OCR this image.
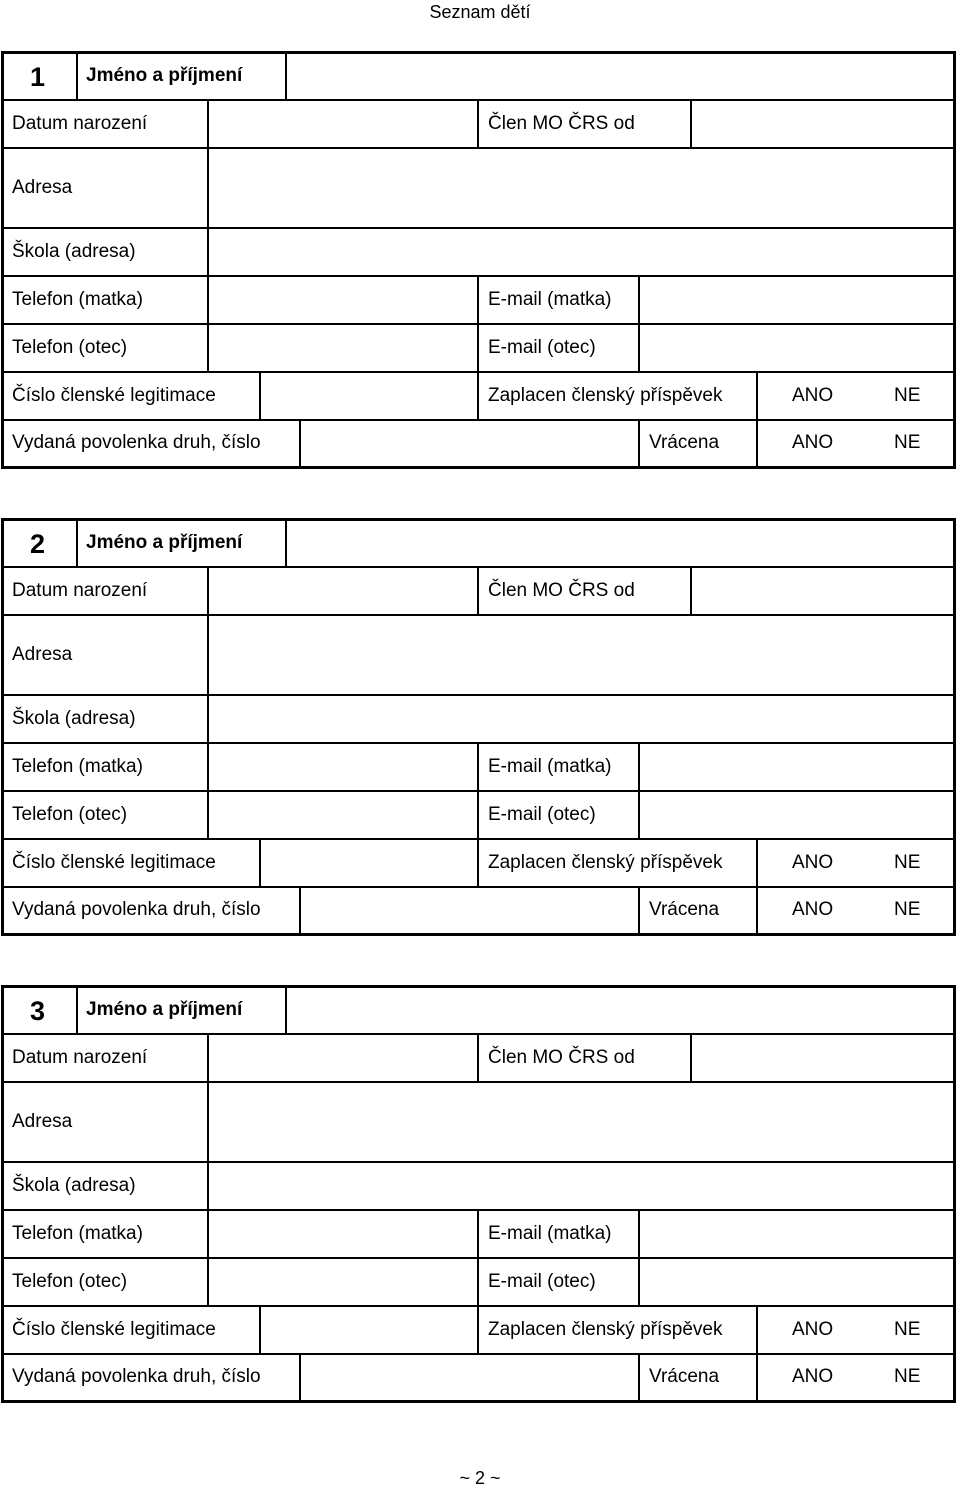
Seznam dětí
1 Jméno a příjmení
Datum narození	Člen MO ČRS od
Adresa
Škola (adresa)
Telefon (matka)	E-mail (matka)
Telefon (otec)	E-mail (otec)
Číslo členské legitimace	Zaplacen členský příspěvek	ANO	NE
Vydaná povolenka druh, číslo	Vrácena	ANO	NE
2 Jméno a příjmení
Datum narození	Člen MO ČRS od
Adresa
Škola (adresa)
Telefon (matka)	E-mail (matka)
Telefon (otec)	E-mail (otec)
Číslo členské legitimace	Zaplacen členský příspěvek	ANO	NE
Vydaná povolenka druh, číslo	Vrácena	ANO	NE
3 Jméno a příjmení
Datum narození	Člen MO ČRS od
Adresa
Škola (adresa)
Telefon (matka)	E-mail (matka)
Telefon (otec)	E-mail (otec)
Číslo členské legitimace	Zaplacen členský příspěvek	ANO	NE
Vydaná povolenka druh, číslo	Vrácena	ANO	NE
~ 2 ~
